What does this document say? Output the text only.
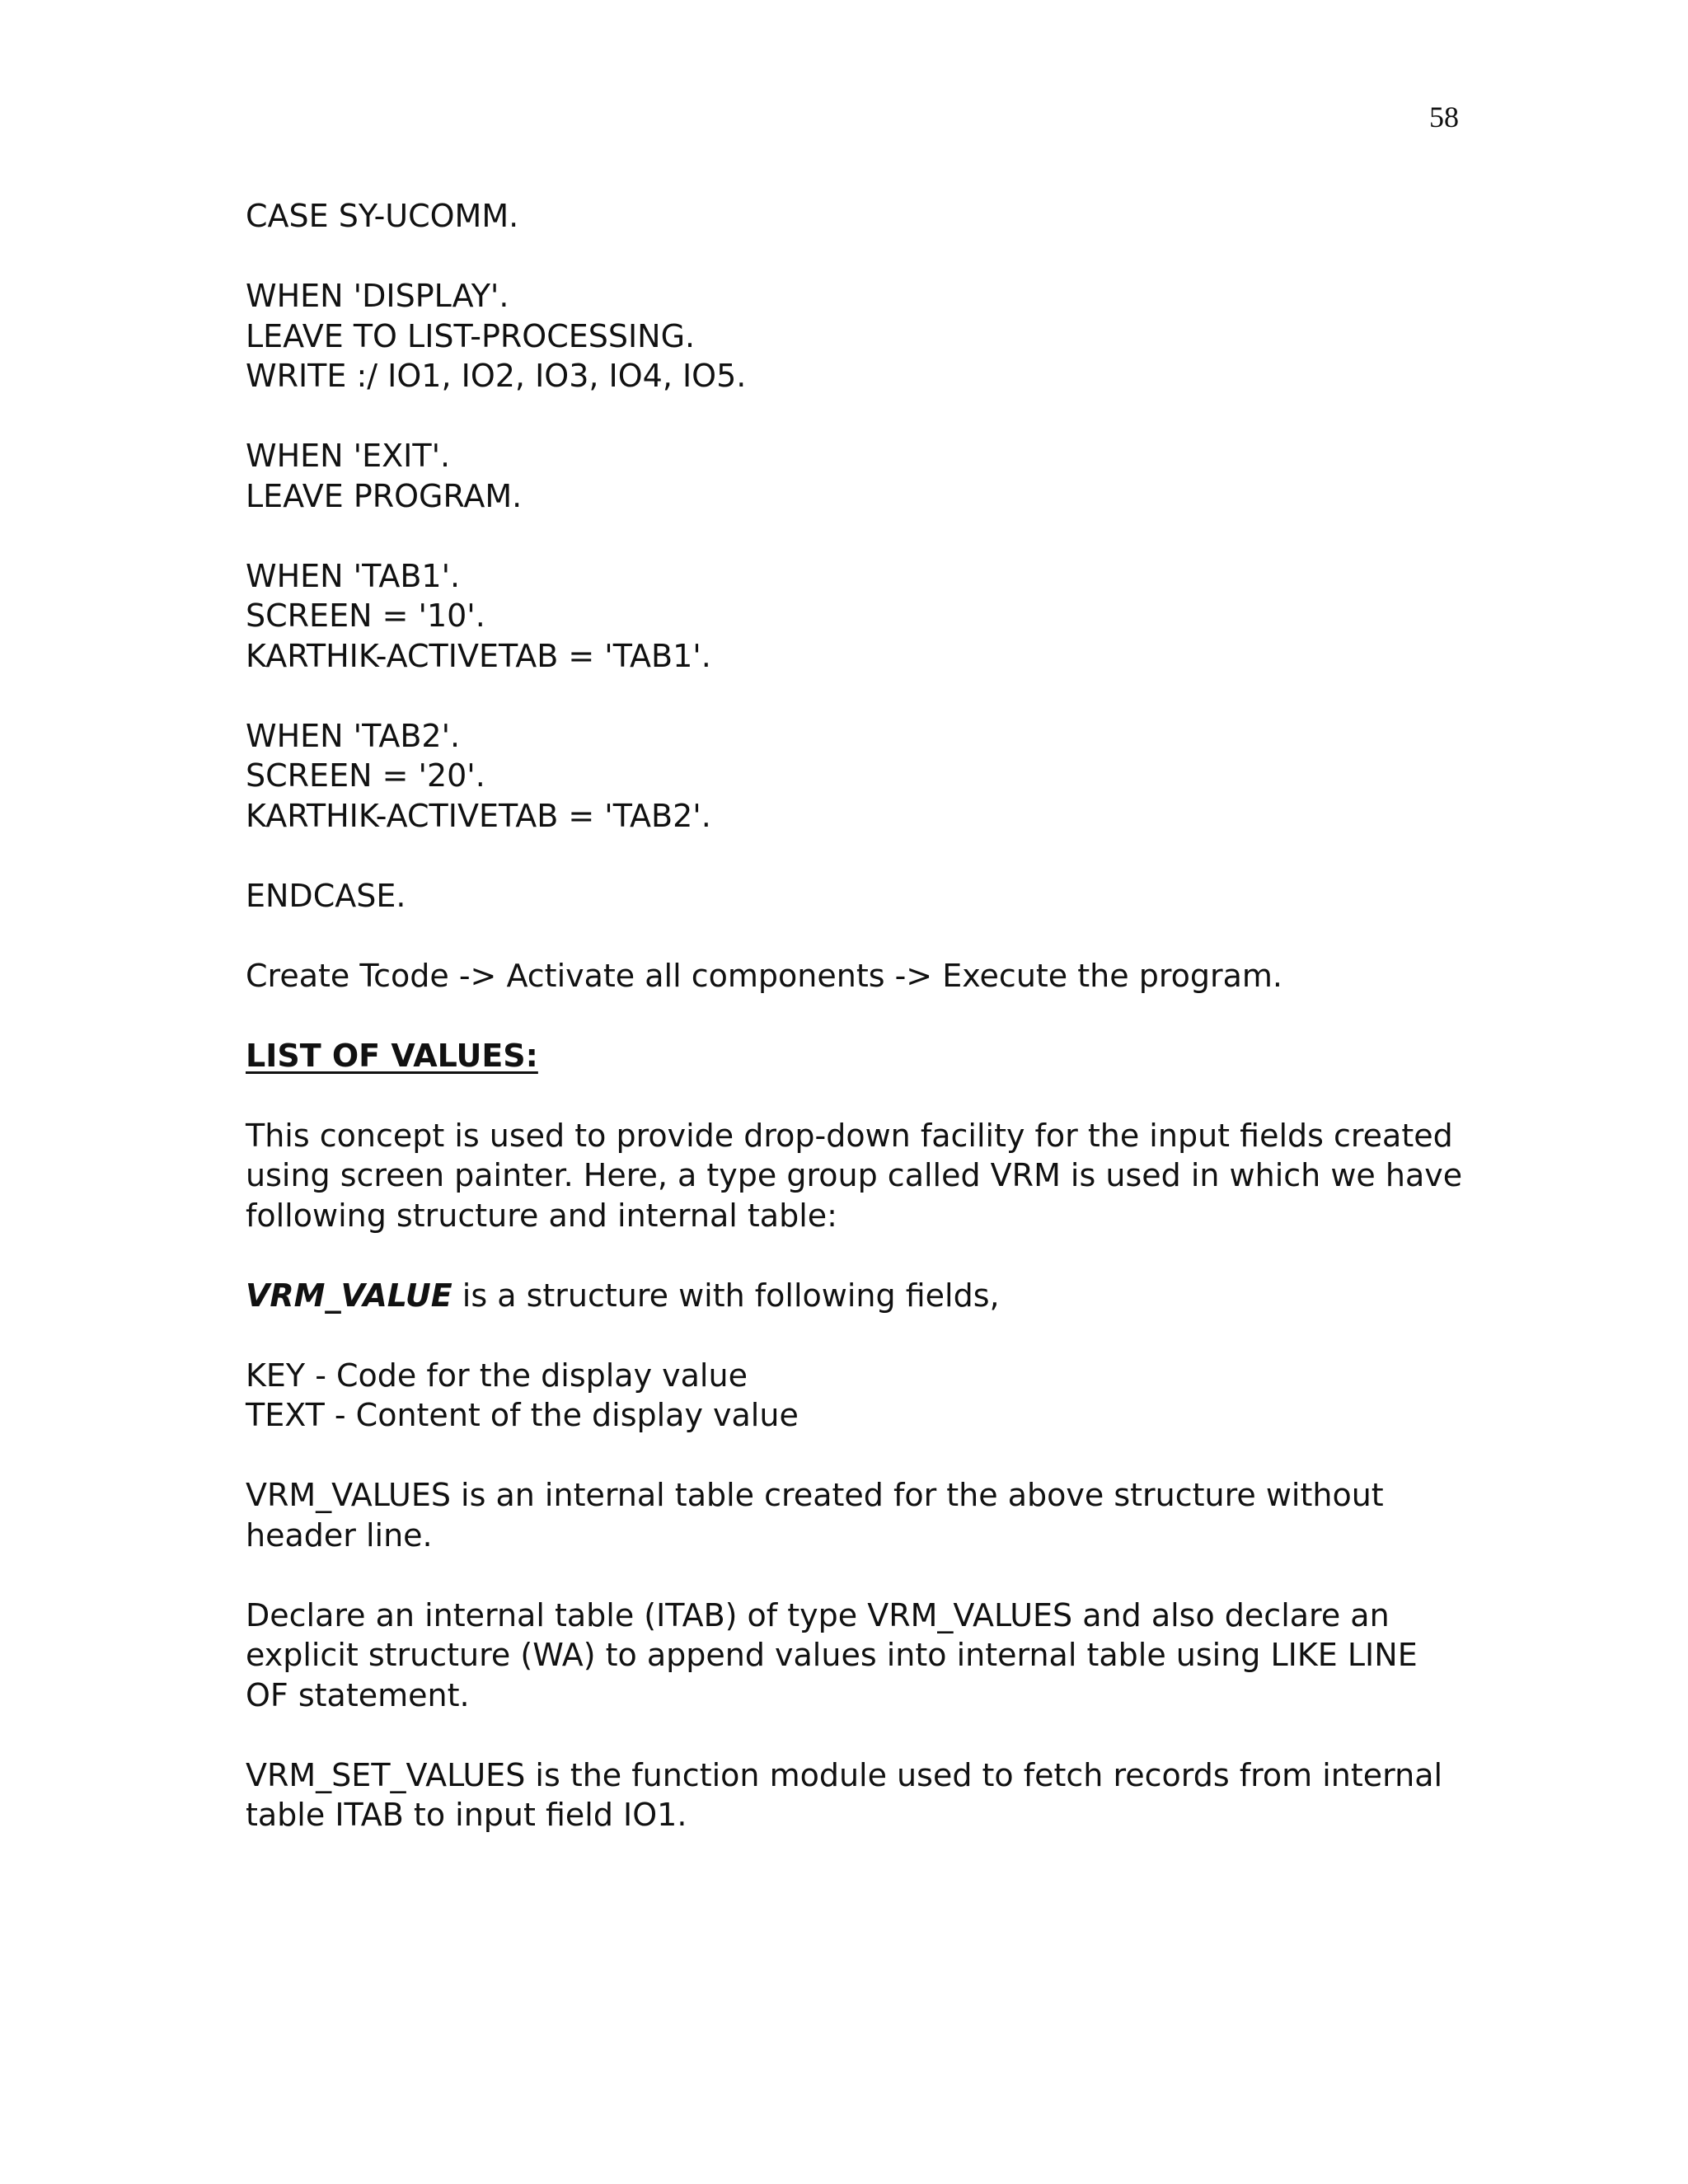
58
CASE SY-UCOMM.
WHEN 'DISPLAY'.
LEAVE TO LIST-PROCESSING.
WRITE :/ IO1, IO2, IO3, IO4, IO5.
WHEN 'EXIT'.
LEAVE PROGRAM.
WHEN 'TAB1'.
SCREEN = '10'.
KARTHIK-ACTIVETAB = 'TAB1'.
WHEN 'TAB2'.
SCREEN = '20'.
KARTHIK-ACTIVETAB = 'TAB2'.
ENDCASE.
Create Tcode -> Activate all components -> Execute the program.
LIST OF VALUES:
This concept is used to provide drop-down facility for the input fields created
using screen painter. Here, a type group called VRM is used in which we have
following structure and internal table:
VRM_VALUE is a structure with following fields,
KEY - Code for the display value
TEXT - Content of the display value
VRM_VALUES is an internal table created for the above structure without
header line.
Declare an internal table (ITAB) of type VRM_VALUES and also declare an
explicit structure (WA) to append values into internal table using LIKE LINE
OF statement.
VRM_SET_VALUES is the function module used to fetch records from internal
table ITAB to input field IO1.
